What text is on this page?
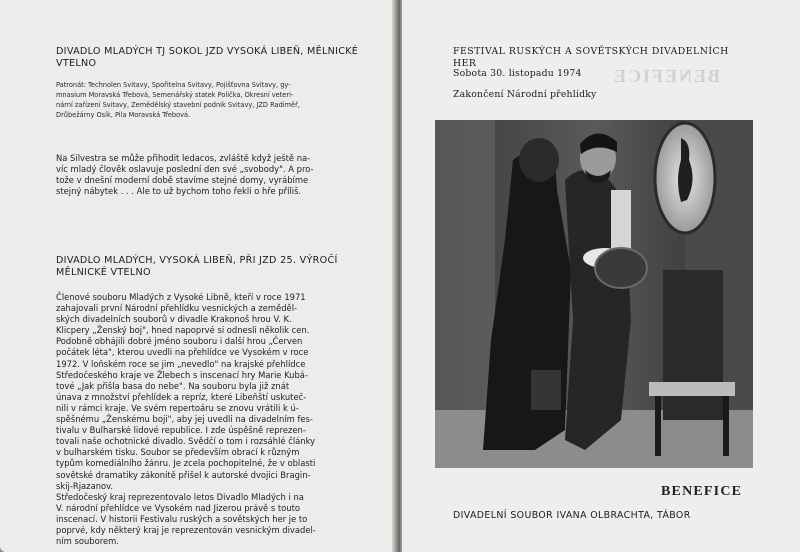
DIVADLO MLADÝCH TJ SOKOL JZD VYSOKÁ LIBEŇ, MĚLNICKÉ
VTELNO
Patronát: Technolen Svitavy, Spořitelna Svitavy, Pojišťovna Svitavy, gy-
mnasium Moravská Třebová, Semenářský statek Polička, Okresní veteri-
nární zařízení Svitavy, Zemědělský stavební podnik Svitavy, JZD Radiměř,
Drůbežárny Osík, Pila Moravská Třebová.

Na Silvestra se může přihodit ledacos, zvláště když ještě na-

víc mladý člověk oslavuje poslední den své „svobody". A pro-

tože v dnešní moderní době stavíme stejné domy, vyrábíme

stejný nábytek . . . Ale to už bychom toho řekli o hře příliš.

DIVADLO MLADÝCH, VYSOKÁ LIBEŇ, PŘI JZD 25. VÝROČÍ
MĚLNICKÉ VTELNO

Členové souboru Mladých z Vysoké Libně, kteří v roce 1971

zahajovali první Národní přehlídku vesnických a zeměděl-

ských divadelních souborů v divadle Krakonoš hrou V. K.

Klicpery „Ženský boj", hned napoprvé si odnesli několik cen.

Podobně obhájili dobré jméno souboru i další hrou „Červen

počátek léta", kterou uvedli na přehlídce ve Vysokém v roce

1972. V loňském roce se jim „nevedlo" na krajské přehlídce

Středočeského kraje ve Žlebech s inscenací hry Marie Kubá-

tové „Jak přišla basa do nebe". Na souboru byla již znát

únava z množství přehlídek a repríz, které Libeňští uskuteč-

nili v rámci kraje. Ve svém repertoáru se znovu vrátili k ú-

spěšnému „Ženskému boji", aby jej uvedli na divadelním fes-

tivalu v Bulharské lidové republice. I zde úspěšně reprezen-

tovali naše ochotnické divadlo. Svědčí o tom i rozsáhlé články

v bulharském tisku. Soubor se především obrací k různým

typům komediálního žánru. Je zcela pochopitelné, že v oblasti

sovětské dramatiky zákonitě přišel k autorské dvojici Bragin-

skij-Rjazanov.

Středočeský kraj reprezentovalo letos Divadlo Mladých i na

V. národní přehlídce ve Vysokém nad Jizerou právě s touto

inscenací. V historii Festivalu ruských a sovětských her je to

poprvé, kdy některý kraj je reprezentován vesnickým divadel-

ním souborem.

BENEFICE
FESTIVAL RUSKÝCH A SOVĚTSKÝCH DIVADELNÍCH HER
Sobota 30. listopadu 1974
Zakončení Národní přehlídky
BENEFICE
DIVADELNÍ SOUBOR IVANA OLBRACHTA, TÁBOR
